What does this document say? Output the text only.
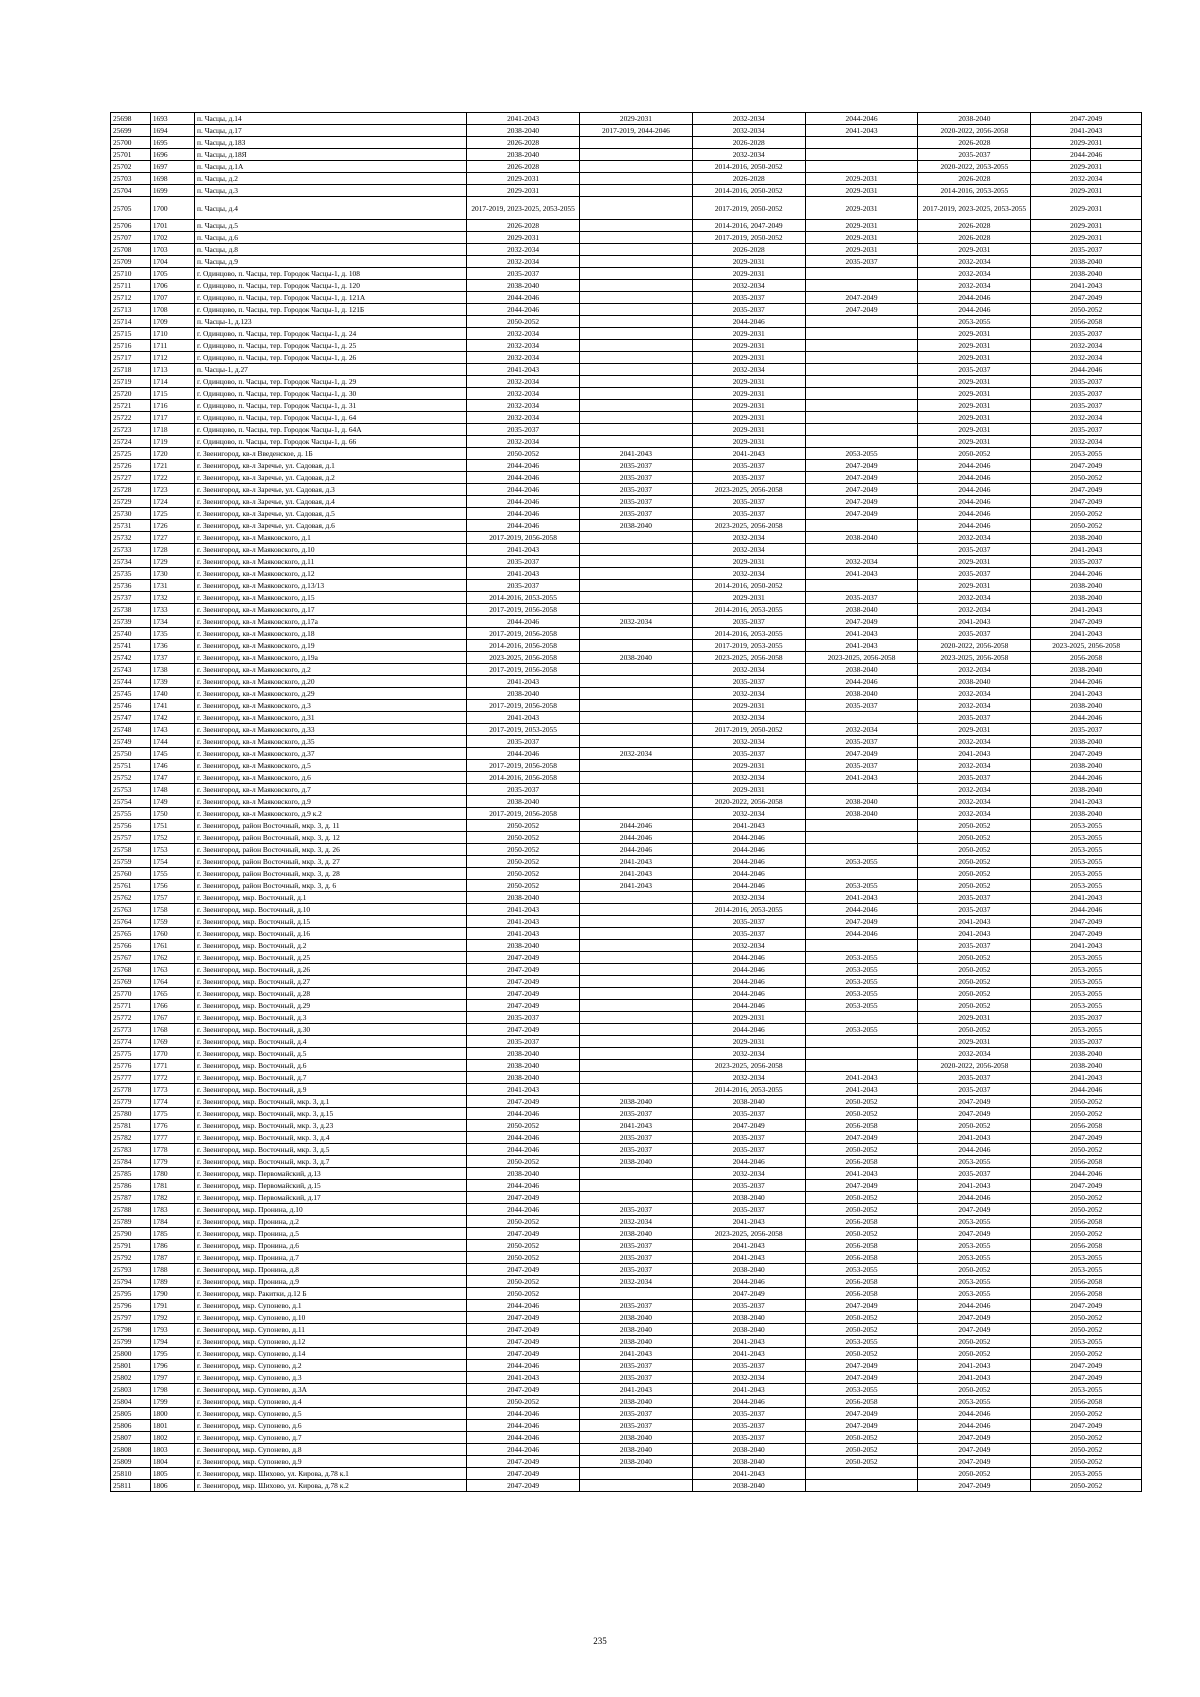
25698	1693	п. Часцы, д.14	2041-2043	2029-2031	2032-2034	2044-2046	2038-2040	2047-2049
25699	1694	п. Часцы, д.17	2038-2040	2017-2019, 2044-2046	2032-2034	2041-2043	2020-2022, 2056-2058	2041-2043
25700	1695	п. Часцы, д.18З	2026-2028		2026-2028		2026-2028	2029-2031
25701	1696	п. Часцы, д.18Я	2038-2040		2032-2034		2035-2037	2044-2046
25702	1697	п. Часцы, д.1А	2026-2028		2014-2016, 2050-2052		2020-2022, 2053-2055	2029-2031
25703	1698	п. Часцы, д.2	2029-2031		2026-2028	2029-2031	2026-2028	2032-2034
25704	1699	п. Часцы, д.3	2029-2031		2014-2016, 2050-2052	2029-2031	2014-2016, 2053-2055	2029-2031
25705	1700	п. Часцы, д.4	2017-2019, 2023-2025, 2053-2055		2017-2019, 2050-2052	2029-2031	2017-2019, 2023-2025, 2053-2055	2029-2031
25706	1701	п. Часцы, д.5	2026-2028		2014-2016, 2047-2049	2029-2031	2026-2028	2029-2031
25707	1702	п. Часцы, д.6	2029-2031		2017-2019, 2050-2052	2029-2031	2026-2028	2029-2031
25708	1703	п. Часцы, д.8	2032-2034		2026-2028	2029-2031	2029-2031	2035-2037
25709	1704	п. Часцы, д.9	2032-2034		2029-2031	2035-2037	2032-2034	2038-2040
25710	1705	г. Одинцово, п. Часцы, тер. Городок Часцы-1, д. 108	2035-2037		2029-2031		2032-2034	2038-2040
25711	1706	г. Одинцово, п. Часцы, тер. Городок Часцы-1, д. 120	2038-2040		2032-2034		2032-2034	2041-2043
25712	1707	г. Одинцово, п. Часцы, тер. Городок Часцы-1, д. 121А	2044-2046		2035-2037	2047-2049	2044-2046	2047-2049
25713	1708	г. Одинцово, п. Часцы, тер. Городок Часцы-1, д. 121Б	2044-2046		2035-2037	2047-2049	2044-2046	2050-2052
25714	1709	п. Часцы-1, д.123	2050-2052		2044-2046		2053-2055	2056-2058
25715	1710	г. Одинцово, п. Часцы, тер. Городок Часцы-1, д. 24	2032-2034		2029-2031		2029-2031	2035-2037
25716	1711	г. Одинцово, п. Часцы, тер. Городок Часцы-1, д. 25	2032-2034		2029-2031		2029-2031	2032-2034
25717	1712	г. Одинцово, п. Часцы, тер. Городок Часцы-1, д. 26	2032-2034		2029-2031		2029-2031	2032-2034
25718	1713	п. Часцы-1, д.27	2041-2043		2032-2034		2035-2037	2044-2046
25719	1714	г. Одинцово, п. Часцы, тер. Городок Часцы-1, д. 29	2032-2034		2029-2031		2029-2031	2035-2037
25720	1715	г. Одинцово, п. Часцы, тер. Городок Часцы-1, д. 30	2032-2034		2029-2031		2029-2031	2035-2037
25721	1716	г. Одинцово, п. Часцы, тер. Городок Часцы-1, д. 31	2032-2034		2029-2031		2029-2031	2035-2037
25722	1717	г. Одинцово, п. Часцы, тер. Городок Часцы-1, д. 64	2032-2034		2029-2031		2029-2031	2032-2034
25723	1718	г. Одинцово, п. Часцы, тер. Городок Часцы-1, д. 64А	2035-2037		2029-2031		2029-2031	2035-2037
25724	1719	г. Одинцово, п. Часцы, тер. Городок Часцы-1, д. 66	2032-2034		2029-2031		2029-2031	2032-2034
25725	1720	г. Звенигород, кв-л Введенское, д. 1Б	2050-2052	2041-2043	2041-2043	2053-2055	2050-2052	2053-2055
25726	1721	г. Звенигород, кв-л Заречье, ул. Садовая, д.1	2044-2046	2035-2037	2035-2037	2047-2049	2044-2046	2047-2049
25727	1722	г. Звенигород, кв-л Заречье, ул. Садовая, д.2	2044-2046	2035-2037	2035-2037	2047-2049	2044-2046	2050-2052
25728	1723	г. Звенигород, кв-л Заречье, ул. Садовая, д.3	2044-2046	2035-2037	2023-2025, 2056-2058	2047-2049	2044-2046	2047-2049
25729	1724	г. Звенигород, кв-л Заречье, ул. Садовая, д.4	2044-2046	2035-2037	2035-2037	2047-2049	2044-2046	2047-2049
25730	1725	г. Звенигород, кв-л Заречье, ул. Садовая, д.5	2044-2046	2035-2037	2035-2037	2047-2049	2044-2046	2050-2052
25731	1726	г. Звенигород, кв-л Заречье, ул. Садовая, д.6	2044-2046	2038-2040	2023-2025, 2056-2058		2044-2046	2050-2052
25732	1727	г. Звенигород, кв-л Маяковского, д.1	2017-2019, 2056-2058		2032-2034	2038-2040	2032-2034	2038-2040
25733	1728	г. Звенигород, кв-л Маяковского, д.10	2041-2043		2032-2034		2035-2037	2041-2043
25734	1729	г. Звенигород, кв-л Маяковского, д.11	2035-2037		2029-2031	2032-2034	2029-2031	2035-2037
25735	1730	г. Звенигород, кв-л Маяковского, д.12	2041-2043		2032-2034	2041-2043	2035-2037	2044-2046
25736	1731	г. Звенигород, кв-л Маяковского, д.13/13	2035-2037		2014-2016, 2050-2052		2029-2031	2038-2040
25737	1732	г. Звенигород, кв-л Маяковского, д.15	2014-2016, 2053-2055		2029-2031	2035-2037	2032-2034	2038-2040
25738	1733	г. Звенигород, кв-л Маяковского, д.17	2017-2019, 2056-2058		2014-2016, 2053-2055	2038-2040	2032-2034	2041-2043
25739	1734	г. Звенигород, кв-л Маяковского, д.17а	2044-2046	2032-2034	2035-2037	2047-2049	2041-2043	2047-2049
25740	1735	г. Звенигород, кв-л Маяковского, д.18	2017-2019, 2056-2058		2014-2016, 2053-2055	2041-2043	2035-2037	2041-2043
25741	1736	г. Звенигород, кв-л Маяковского, д.19	2014-2016, 2056-2058		2017-2019, 2053-2055	2041-2043	2020-2022, 2056-2058	2023-2025, 2056-2058
25742	1737	г. Звенигород, кв-л Маяковского, д.19а	2023-2025, 2056-2058	2038-2040	2023-2025, 2056-2058	2023-2025, 2056-2058	2023-2025, 2056-2058	2056-2058
25743	1738	г. Звенигород, кв-л Маяковского, д.2	2017-2019, 2056-2058		2032-2034	2038-2040	2032-2034	2038-2040
25744	1739	г. Звенигород, кв-л Маяковского, д.20	2041-2043		2035-2037	2044-2046	2038-2040	2044-2046
25745	1740	г. Звенигород, кв-л Маяковского, д.29	2038-2040		2032-2034	2038-2040	2032-2034	2041-2043
25746	1741	г. Звенигород, кв-л Маяковского, д.3	2017-2019, 2056-2058		2029-2031	2035-2037	2032-2034	2038-2040
25747	1742	г. Звенигород, кв-л Маяковского, д.31	2041-2043		2032-2034		2035-2037	2044-2046
25748	1743	г. Звенигород, кв-л Маяковского, д.33	2017-2019, 2053-2055		2017-2019, 2050-2052	2032-2034	2029-2031	2035-2037
25749	1744	г. Звенигород, кв-л Маяковского, д.35	2035-2037		2032-2034	2035-2037	2032-2034	2038-2040
25750	1745	г. Звенигород, кв-л Маяковского, д.37	2044-2046	2032-2034	2035-2037	2047-2049	2041-2043	2047-2049
25751	1746	г. Звенигород, кв-л Маяковского, д.5	2017-2019, 2056-2058		2029-2031	2035-2037	2032-2034	2038-2040
25752	1747	г. Звенигород, кв-л Маяковского, д.6	2014-2016, 2056-2058		2032-2034	2041-2043	2035-2037	2044-2046
25753	1748	г. Звенигород, кв-л Маяковского, д.7	2035-2037		2029-2031		2032-2034	2038-2040
25754	1749	г. Звенигород, кв-л Маяковского, д.9	2038-2040		2020-2022, 2056-2058	2038-2040	2032-2034	2041-2043
25755	1750	г. Звенигород, кв-л Маяковского, д.9 к.2	2017-2019, 2056-2058		2032-2034	2038-2040	2032-2034	2038-2040
25756	1751	г. Звенигород, район Восточный, мкр. 3, д. 11	2050-2052	2044-2046	2041-2043		2050-2052	2053-2055
25757	1752	г. Звенигород, район Восточный, мкр. 3, д. 12	2050-2052	2044-2046	2044-2046		2050-2052	2053-2055
25758	1753	г. Звенигород, район Восточный, мкр. 3, д. 26	2050-2052	2044-2046	2044-2046		2050-2052	2053-2055
25759	1754	г. Звенигород, район Восточный, мкр. 3, д. 27	2050-2052	2041-2043	2044-2046	2053-2055	2050-2052	2053-2055
25760	1755	г. Звенигород, район Восточный, мкр. 3, д. 28	2050-2052	2041-2043	2044-2046		2050-2052	2053-2055
25761	1756	г. Звенигород, район Восточный, мкр. 3, д. 6	2050-2052	2041-2043	2044-2046	2053-2055	2050-2052	2053-2055
25762	1757	г. Звенигород, мкр. Восточный, д.1	2038-2040		2032-2034	2041-2043	2035-2037	2041-2043
25763	1758	г. Звенигород, мкр. Восточный, д.10	2041-2043		2014-2016, 2053-2055	2044-2046	2035-2037	2044-2046
25764	1759	г. Звенигород, мкр. Восточный, д.15	2041-2043		2035-2037	2047-2049	2041-2043	2047-2049
25765	1760	г. Звенигород, мкр. Восточный, д.16	2041-2043		2035-2037	2044-2046	2041-2043	2047-2049
25766	1761	г. Звенигород, мкр. Восточный, д.2	2038-2040		2032-2034		2035-2037	2041-2043
25767	1762	г. Звенигород, мкр. Восточный, д.25	2047-2049		2044-2046	2053-2055	2050-2052	2053-2055
25768	1763	г. Звенигород, мкр. Восточный, д.26	2047-2049		2044-2046	2053-2055	2050-2052	2053-2055
25769	1764	г. Звенигород, мкр. Восточный, д.27	2047-2049		2044-2046	2053-2055	2050-2052	2053-2055
25770	1765	г. Звенигород, мкр. Восточный, д.28	2047-2049		2044-2046	2053-2055	2050-2052	2053-2055
25771	1766	г. Звенигород, мкр. Восточный, д.29	2047-2049		2044-2046	2053-2055	2050-2052	2053-2055
25772	1767	г. Звенигород, мкр. Восточный, д.3	2035-2037		2029-2031		2029-2031	2035-2037
25773	1768	г. Звенигород, мкр. Восточный, д.30	2047-2049		2044-2046	2053-2055	2050-2052	2053-2055
25774	1769	г. Звенигород, мкр. Восточный, д.4	2035-2037		2029-2031		2029-2031	2035-2037
25775	1770	г. Звенигород, мкр. Восточный, д.5	2038-2040		2032-2034		2032-2034	2038-2040
25776	1771	г. Звенигород, мкр. Восточный, д.6	2038-2040		2023-2025, 2056-2058		2020-2022, 2056-2058	2038-2040
25777	1772	г. Звенигород, мкр. Восточный, д.7	2038-2040		2032-2034	2041-2043	2035-2037	2041-2043
25778	1773	г. Звенигород, мкр. Восточный, д.9	2041-2043		2014-2016, 2053-2055	2041-2043	2035-2037	2044-2046
25779	1774	г. Звенигород, мкр. Восточный, мкр. 3, д.1	2047-2049	2038-2040	2038-2040	2050-2052	2047-2049	2050-2052
25780	1775	г. Звенигород, мкр. Восточный, мкр. 3, д.15	2044-2046	2035-2037	2035-2037	2050-2052	2047-2049	2050-2052
25781	1776	г. Звенигород, мкр. Восточный, мкр. 3, д.23	2050-2052	2041-2043	2047-2049	2056-2058	2050-2052	2056-2058
25782	1777	г. Звенигород, мкр. Восточный, мкр. 3, д.4	2044-2046	2035-2037	2035-2037	2047-2049	2041-2043	2047-2049
25783	1778	г. Звенигород, мкр. Восточный, мкр. 3, д.5	2044-2046	2035-2037	2035-2037	2050-2052	2044-2046	2050-2052
25784	1779	г. Звенигород, мкр. Восточный, мкр. 3, д.7	2050-2052	2038-2040	2044-2046	2056-2058	2053-2055	2056-2058
25785	1780	г. Звенигород, мкр. Первомайский, д.13	2038-2040		2032-2034	2041-2043	2035-2037	2044-2046
25786	1781	г. Звенигород, мкр. Первомайский, д.15	2044-2046		2035-2037	2047-2049	2041-2043	2047-2049
25787	1782	г. Звенигород, мкр. Первомайский, д.17	2047-2049		2038-2040	2050-2052	2044-2046	2050-2052
25788	1783	г. Звенигород, мкр. Пронина, д.10	2044-2046	2035-2037	2035-2037	2050-2052	2047-2049	2050-2052
25789	1784	г. Звенигород, мкр. Пронина, д.2	2050-2052	2032-2034	2041-2043	2056-2058	2053-2055	2056-2058
25790	1785	г. Звенигород, мкр. Пронина, д.5	2047-2049	2038-2040	2023-2025, 2056-2058	2050-2052	2047-2049	2050-2052
25791	1786	г. Звенигород, мкр. Пронина, д.6	2050-2052	2035-2037	2041-2043	2056-2058	2053-2055	2056-2058
25792	1787	г. Звенигород, мкр. Пронина, д.7	2050-2052	2035-2037	2041-2043	2056-2058	2053-2055	2053-2055
25793	1788	г. Звенигород, мкр. Пронина, д.8	2047-2049	2035-2037	2038-2040	2053-2055	2050-2052	2053-2055
25794	1789	г. Звенигород, мкр. Пронина, д.9	2050-2052	2032-2034	2044-2046	2056-2058	2053-2055	2056-2058
25795	1790	г. Звенигород, мкр. Ракитки, д.12 Б	2050-2052		2047-2049	2056-2058	2053-2055	2056-2058
25796	1791	г. Звенигород, мкр. Супонево, д.1	2044-2046	2035-2037	2035-2037	2047-2049	2044-2046	2047-2049
25797	1792	г. Звенигород, мкр. Супонево, д.10	2047-2049	2038-2040	2038-2040	2050-2052	2047-2049	2050-2052
25798	1793	г. Звенигород, мкр. Супонево, д.11	2047-2049	2038-2040	2038-2040	2050-2052	2047-2049	2050-2052
25799	1794	г. Звенигород, мкр. Супонево, д.12	2047-2049	2038-2040	2041-2043	2053-2055	2050-2052	2053-2055
25800	1795	г. Звенигород, мкр. Супонево, д.14	2047-2049	2041-2043	2041-2043	2050-2052	2050-2052	2050-2052
25801	1796	г. Звенигород, мкр. Супонево, д.2	2044-2046	2035-2037	2035-2037	2047-2049	2041-2043	2047-2049
25802	1797	г. Звенигород, мкр. Супонево, д.3	2041-2043	2035-2037	2032-2034	2047-2049	2041-2043	2047-2049
25803	1798	г. Звенигород, мкр. Супонево, д.3А	2047-2049	2041-2043	2041-2043	2053-2055	2050-2052	2053-2055
25804	1799	г. Звенигород, мкр. Супонево, д.4	2050-2052	2038-2040	2044-2046	2056-2058	2053-2055	2056-2058
25805	1800	г. Звенигород, мкр. Супонево, д.5	2044-2046	2035-2037	2035-2037	2047-2049	2044-2046	2050-2052
25806	1801	г. Звенигород, мкр. Супонево, д.6	2044-2046	2035-2037	2035-2037	2047-2049	2044-2046	2047-2049
25807	1802	г. Звенигород, мкр. Супонево, д.7	2044-2046	2038-2040	2035-2037	2050-2052	2047-2049	2050-2052
25808	1803	г. Звенигород, мкр. Супонево, д.8	2044-2046	2038-2040	2038-2040	2050-2052	2047-2049	2050-2052
25809	1804	г. Звенигород, мкр. Супонево, д.9	2047-2049	2038-2040	2038-2040	2050-2052	2047-2049	2050-2052
25810	1805	г. Звенигород, мкр. Шихово, ул. Кирова, д.78 к.1	2047-2049		2041-2043		2050-2052	2053-2055
25811	1806	г. Звенигород, мкр. Шихово, ул. Кирова, д.78 к.2	2047-2049		2038-2040		2047-2049	2050-2052
235
